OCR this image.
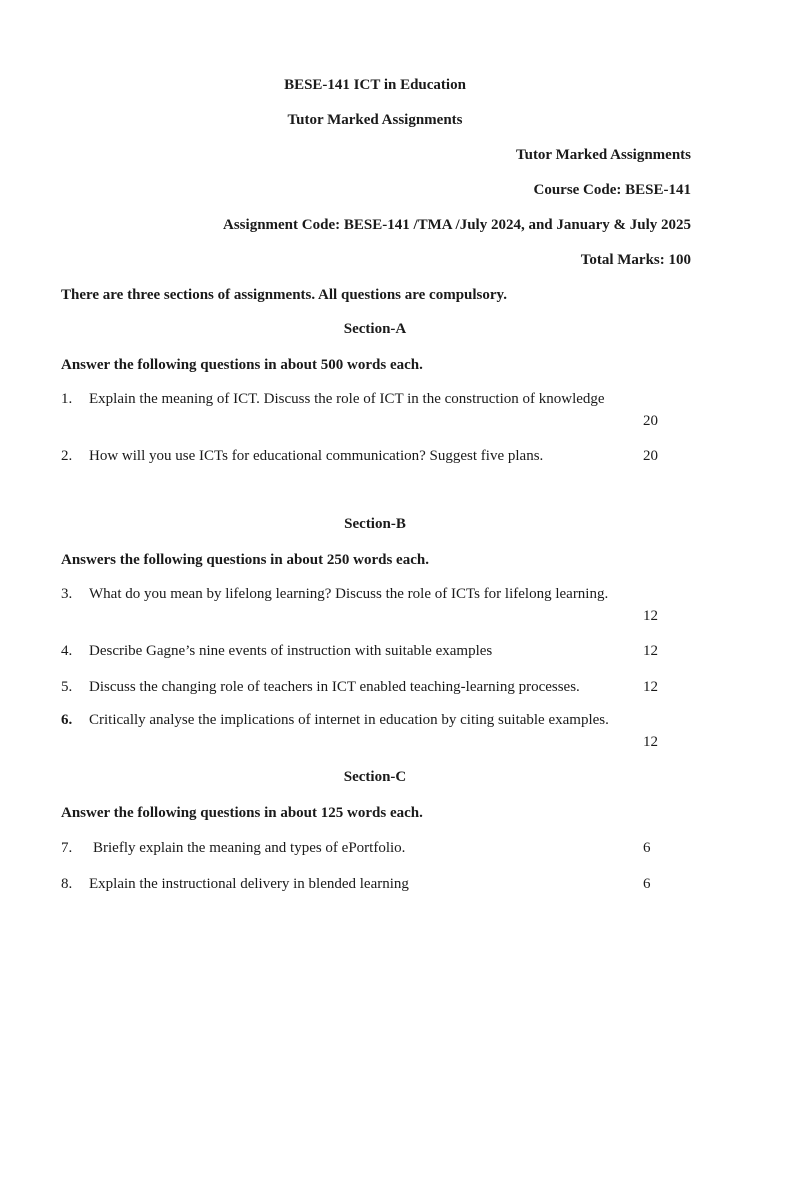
BESE-141 ICT in Education
Tutor Marked Assignments
Tutor Marked Assignments
Course Code: BESE-141
Assignment Code: BESE-141 /TMA /July 2024, and January & July 2025
Total Marks: 100
There are three sections of assignments. All questions are compulsory.
Section-A
Answer the following questions in about 500 words each.
1. Explain the meaning of ICT. Discuss the role of ICT in the construction of knowledge
20
2. How will you use ICTs for educational communication? Suggest five plans.	20
Section-B
Answers the following questions in about 250 words each.
3. What do you mean by lifelong learning? Discuss the role of ICTs for lifelong learning.
12
4. Describe Gagne’s nine events of instruction with suitable examples	12
5. Discuss the changing role of teachers in ICT enabled teaching-learning processes.	12
6. Critically analyse the implications of internet in education by citing suitable examples.
12
Section-C
Answer the following questions in about 125 words each.
7. Briefly explain the meaning and types of ePortfolio.	6
8. Explain the instructional delivery in blended learning	6
